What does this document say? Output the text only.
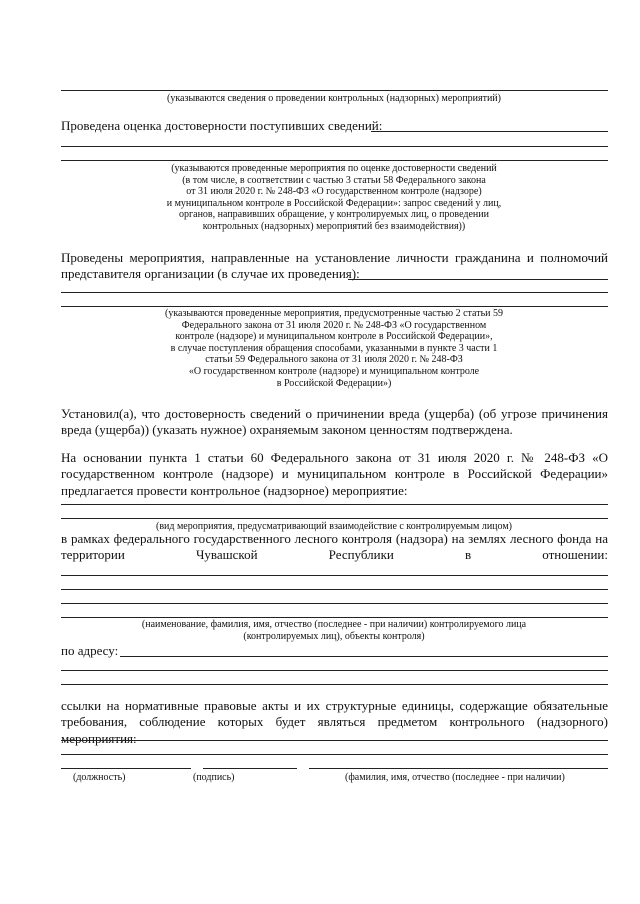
(указываются сведения о проведении контрольных (надзорных) мероприятий)
Проведена оценка достоверности поступивших сведений:
(указываются проведенные мероприятия по оценке достоверности сведений
(в том числе, в соответствии с частью 3 статьи 58 Федерального закона
от 31 июля 2020 г. № 248-ФЗ «О государственном контроле (надзоре)
и муниципальном контроле в Российской Федерации»: запрос сведений у лиц,
органов, направивших обращение, у контролируемых лиц, о проведении
контрольных (надзорных) мероприятий без взаимодействия))
Проведены мероприятия, направленные на установление личности гражданина и полномочий
представителя организации (в случае их проведения):
(указываются проведенные мероприятия, предусмотренные частью 2 статьи 59
Федерального закона от 31 июля 2020 г. № 248-ФЗ «О государственном
контроле (надзоре) и муниципальном контроле в Российской Федерации»,
в случае поступления обращения способами, указанными в пункте 3 части 1
статьи 59 Федерального закона от 31 июля 2020 г. № 248-ФЗ
«О государственном контроле (надзоре) и муниципальном контроле
в Российской Федерации»)
Установил(а), что достоверность сведений о причинении вреда (ущерба) (об угрозе причинения вреда (ущерба)) (указать нужное) охраняемым законом ценностям подтверждена.
На основании пункта 1 статьи 60 Федерального закона от 31 июля 2020 г. № 248-ФЗ «О государственном контроле (надзоре) и муниципальном контроле в Российской Федерации» предлагается провести контрольное (надзорное) мероприятие:
(вид мероприятия, предусматривающий взаимодействие с контролируемым лицом)
в рамках федерального государственного лесного контроля (надзора) на землях лесного фонда на
территории Чувашской Республики в отношении:
(наименование, фамилия, имя, отчество (последнее - при наличии) контролируемого лица
(контролируемых лиц), объекты контроля)
по адресу:
ссылки на нормативные правовые акты и их структурные единицы, содержащие обязательные требования, соблюдение которых будет являться предметом контрольного (надзорного) мероприятия:
(должность)	(подпись)	(фамилия, имя, отчество (последнее - при наличии)
